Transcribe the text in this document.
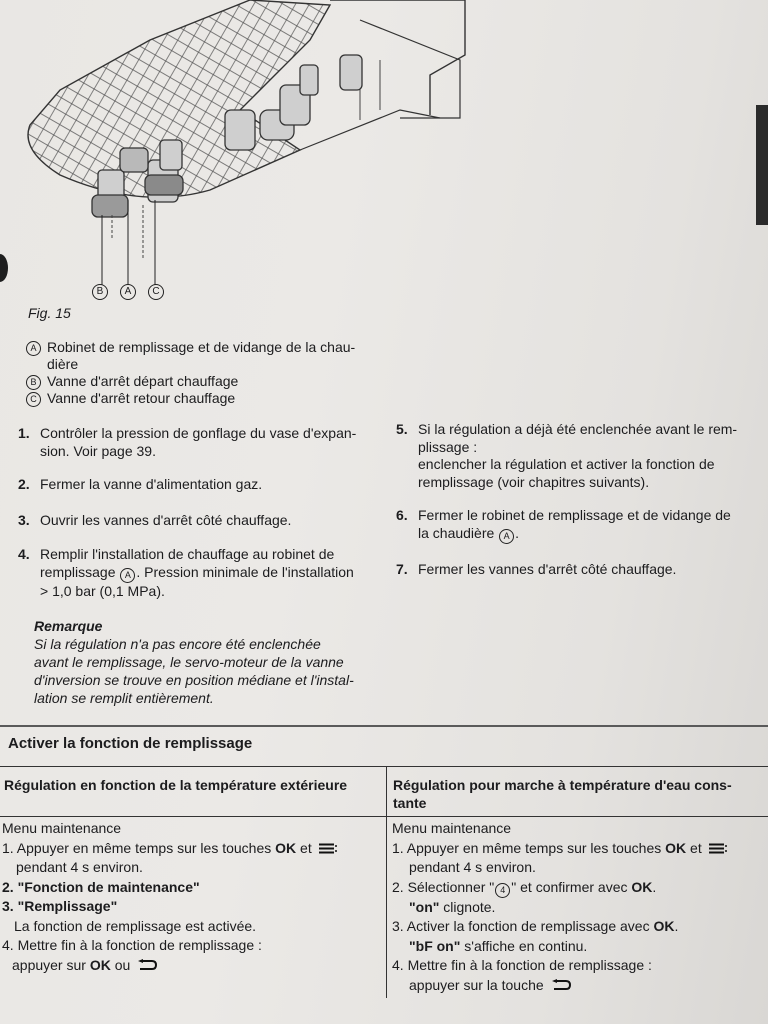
B	A	C
Fig. 15
A Robinet de remplissage et de vidange de la chau-
dière
B Vanne d'arrêt départ chauffage
C Vanne d'arrêt retour chauffage
1. Contrôler la pression de gonflage du vase d'expan-
sion. Voir page 39.
2. Fermer la vanne d'alimentation gaz.
3. Ouvrir les vannes d'arrêt côté chauffage.
4. Remplir l'installation de chauffage au robinet de
remplissage A . Pression minimale de l'installation
> 1,0 bar (0,1 MPa).
Remarque
Si la régulation n'a pas encore été enclenchée
avant le remplissage, le servo-moteur de la vanne
d'inversion se trouve en position médiane et l'instal-
lation se remplit entièrement.
5. Si la régulation a déjà été enclenchée avant le rem-
plissage :
enclencher la régulation et activer la fonction de
remplissage (voir chapitres suivants).
6. Fermer le robinet de remplissage et de vidange de
la chaudière A .
7. Fermer les vannes d'arrêt côté chauffage.
Activer la fonction de remplissage
Régulation en fonction de la température extérieure	Régulation pour marche à température d'eau cons-
tante
Menu maintenance
1. Appuyer en même temps sur les touches OK et
pendant 4 s environ.
2. "Fonction de maintenance"
3. "Remplissage"
La fonction de remplissage est activée.
4. Mettre fin à la fonction de remplissage :
appuyer sur OK ou
Menu maintenance
1. Appuyer en même temps sur les touches OK et
pendant 4 s environ.
2. Sélectionner " 4 " et confirmer avec OK.
"on" clignote.
3. Activer la fonction de remplissage avec OK.
"bF on" s'affiche en continu.
4. Mettre fin à la fonction de remplissage :
appuyer sur la touche
